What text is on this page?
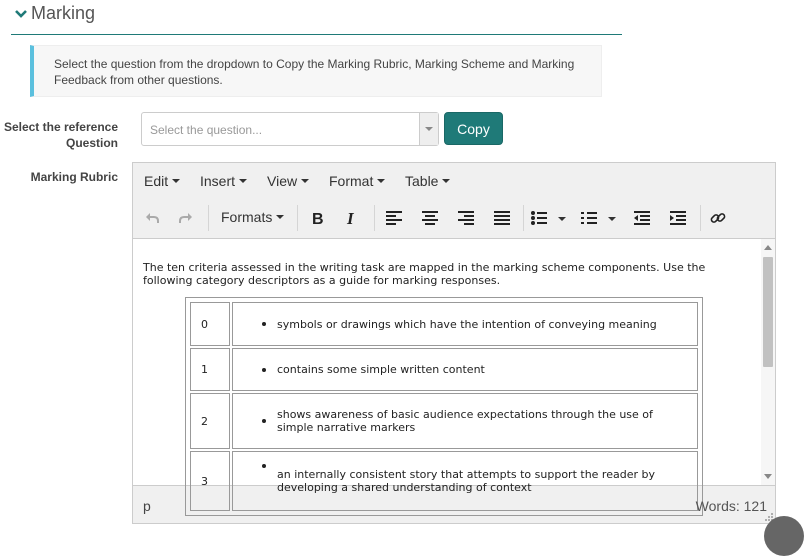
Marking
Select the question from the dropdown to Copy the Marking Rubric, Marking Scheme and Marking Feedback from other questions.
Select the reference
Question
Select the question...	Copy
Marking Rubric Edit Insert View Format Table
Formats B I
The ten criteria assessed in the writing task are mapped in the marking scheme components. Use the following category descriptors as a guide for marking responses.
0	symbols or drawings which have the intention of conveying meaning
1	contains some simple written content
2	shows awareness of basic audience expectations through the use of simple narrative markers
3	an internally consistent story that attempts to support the reader by developing a shared understanding of context
p	Words: 121
